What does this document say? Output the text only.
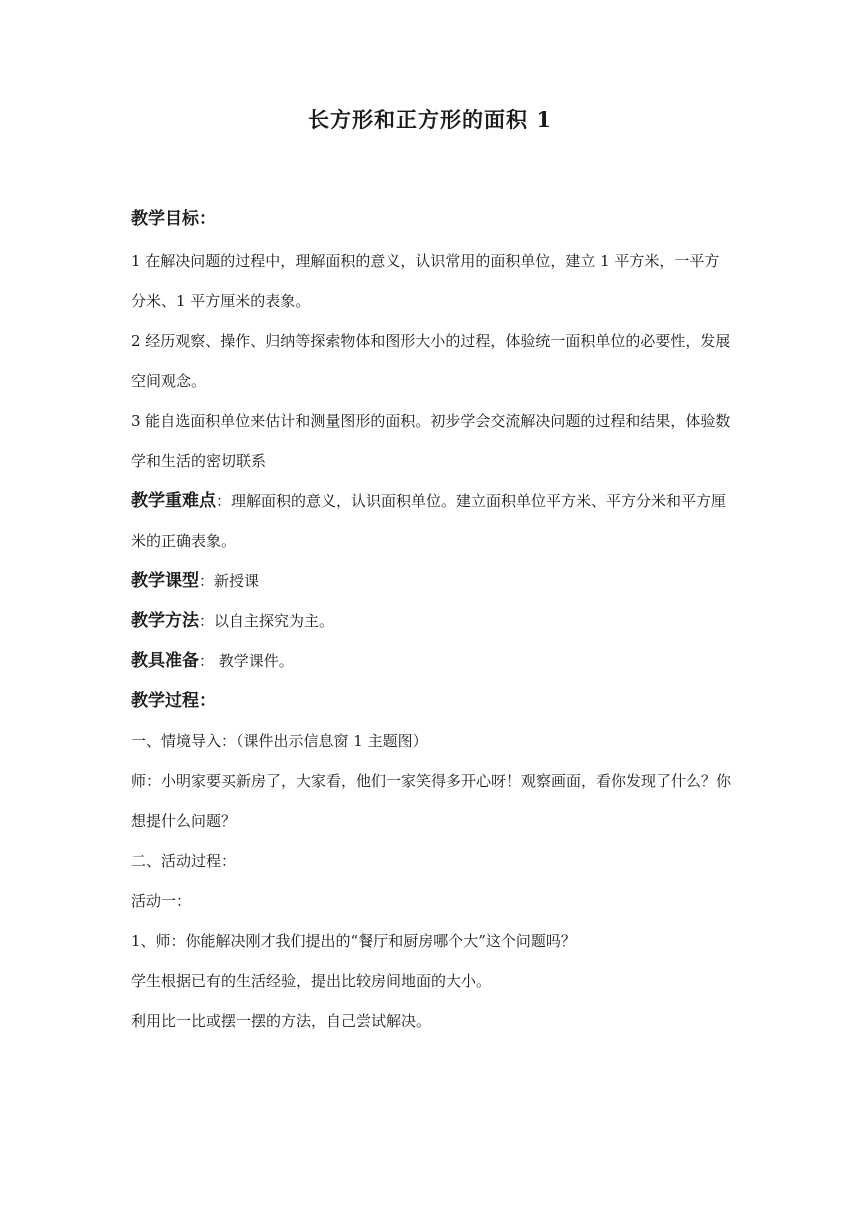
长方形和正方形的面积 1
教学目标：

1 在解决问题的过程中，理解面积的意义，认识常用的面积单位，建立 1 平方米，一平方分米、1 平方厘米的表象。

2 经历观察、操作、归纳等探索物体和图形大小的过程，体验统一面积单位的必要性，发展空间观念。

3 能自选面积单位来估计和测量图形的面积。初步学会交流解决问题的过程和结果，体验数学和生活的密切联系

教学重难点：理解面积的意义，认识面积单位。建立面积单位平方米、平方分米和平方厘米的正确表象。

教学课型：新授课

教学方法：以自主探究为主。

教具准备： 教学课件。

教学过程：

一、情境导入：（课件出示信息窗 1 主题图）

师：小明家要买新房了，大家看，他们一家笑得多开心呀！观察画面，看你发现了什么？你想提什么问题？

二、活动过程：

活动一：

1、师：你能解决刚才我们提出的“餐厅和厨房哪个大”这个问题吗？

学生根据已有的生活经验，提出比较房间地面的大小。

利用比一比或摆一摆的方法，自己尝试解决。
